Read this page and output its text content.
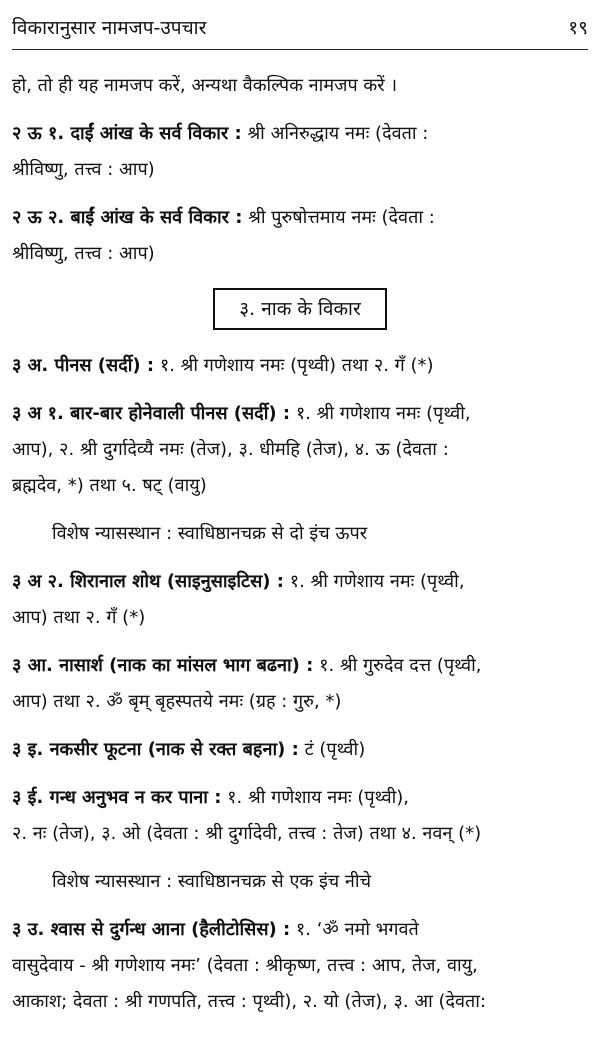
विकारानुसार नामजप-उपचार	१९

हो, तो ही यह नामजप करें, अन्यथा वैकल्पिक नामजप करें ।

२ ऊ १. दाईं आंख के सर्व विकार : श्री अनिरुद्धाय नमः (देवता :
श्रीविष्णु, तत्त्व : आप)
२ ऊ २. बाईं आंख के सर्व विकार : श्री पुरुषोत्तमाय नमः (देवता :
श्रीविष्णु, तत्त्व : आप)
३. नाक के विकार
३ अ. पीनस (सर्दी) : १. श्री गणेशाय नमः (पृथ्वी) तथा २. गँ (*)
३ अ १. बार-बार होनेवाली पीनस (सर्दी) : १. श्री गणेशाय नमः (पृथ्वी,
आप), २. श्री दुर्गादेव्यै नमः (तेज), ३. धीमहि (तेज), ४. ऊ (देवता :
ब्रह्मदेव, *) तथा ५. षट् (वायु)

विशेष न्यासस्थान : स्वाधिष्ठानचक्र से दो इंच ऊपर

३ अ २. शिरानाल शोथ (साइनुसाइटिस) : १. श्री गणेशाय नमः (पृथ्वी,
आप) तथा २. गँ (*)
३ आ. नासार्श (नाक का मांसल भाग बढना) : १. श्री गुरुदेव दत्त (पृथ्वी,
आप) तथा २. ॐ बृम् बृहस्पतये नमः (ग्रह : गुरु, *)
३ इ. नकसीर फूटना (नाक से रक्त बहना) : टं (पृथ्वी)
३ ई. गन्ध अनुभव न कर पाना : १. श्री गणेशाय नमः (पृथ्वी),
२. नः (तेज), ३. ओ (देवता : श्री दुर्गादेवी, तत्त्व : तेज) तथा ४. नवन् (*)

विशेष न्यासस्थान : स्वाधिष्ठानचक्र से एक इंच नीचे

३ उ. श्वास से दुर्गन्ध आना (हैलीटोसिस) : १. ‘ॐ नमो भगवते
वासुदेवाय - श्री गणेशाय नमः’ (देवता : श्रीकृष्ण, तत्त्व : आप, तेज, वायु,
आकाश; देवता : श्री गणपति, तत्त्व : पृथ्वी), २. यो (तेज), ३. आ (देवता:
